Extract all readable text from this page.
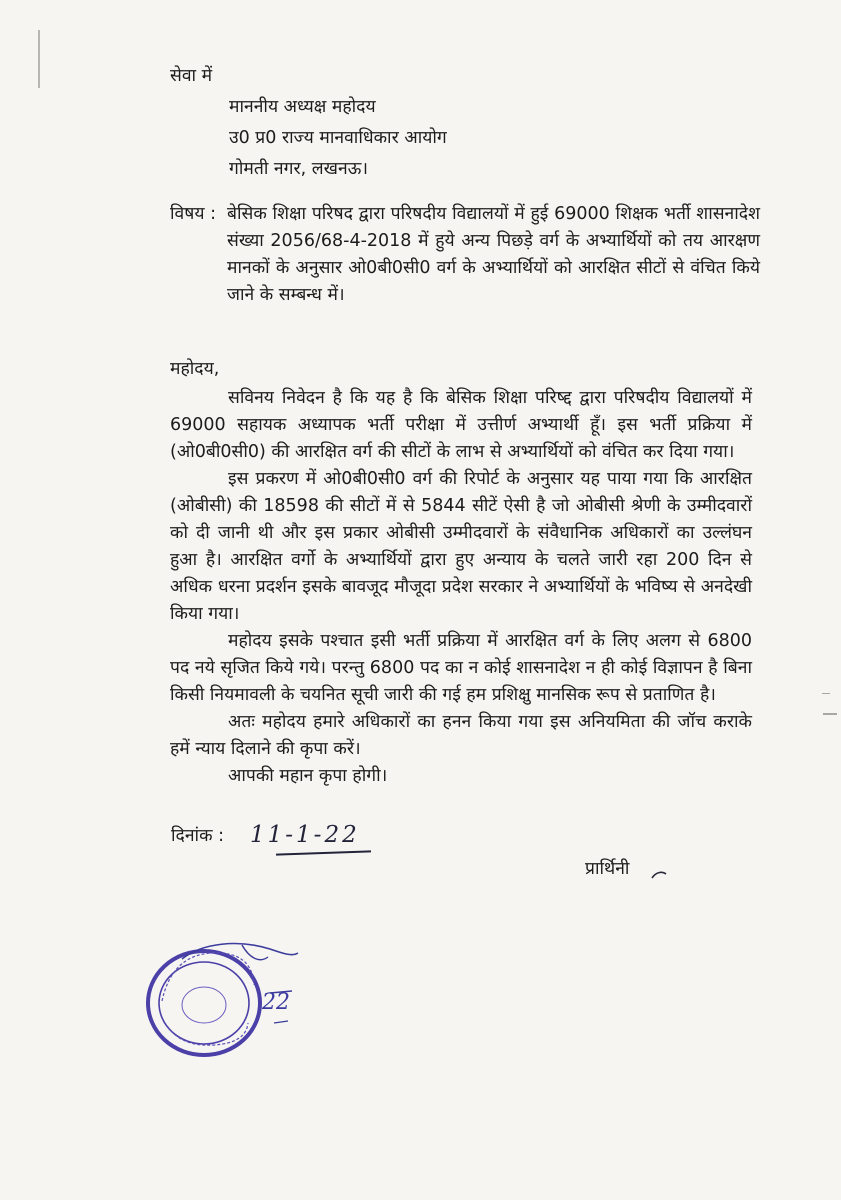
सेवा में
माननीय अध्यक्ष महोदय
उ0 प्र0 राज्य मानवाधिकार आयोग
गोमती नगर, लखनऊ।
विषय : बेसिक शिक्षा परिषद द्वारा परिषदीय विद्यालयों में हुई 69000 शिक्षक भर्ती शासनादेश संख्या 2056/68-4-2018 में हुये अन्य पिछड़े वर्ग के अभ्यार्थियों को तय आरक्षण मानकों के अनुसार ओ0बी0सी0 वर्ग के अभ्यार्थियों को आरक्षित सीटों से वंचित किये जाने के सम्बन्ध में।

महोदय,

सविनय निवेदन है कि यह है कि बेसिक शिक्षा परिष्द्द द्वारा परिषदीय विद्यालयों में 69000 सहायक अध्यापक भर्ती परीक्षा में उत्तीर्ण अभ्यार्थी हूँ। इस भर्ती प्रक्रिया में (ओ0बी0सी0) की आरक्षित वर्ग की सीटों के लाभ से अभ्यार्थियों को वंचित कर दिया गया।

इस प्रकरण में ओ0बी0सी0 वर्ग की रिपोर्ट के अनुसार यह पाया गया कि आरक्षित (ओबीसी) की 18598 की सीटों में से 5844 सीटें ऐसी है जो ओबीसी श्रेणी के उम्मीदवारों को दी जानी थी और इस प्रकार ओबीसी उम्मीदवारों के संवैधानिक अधिकारों का उल्लंघन हुआ है। आरक्षित वर्गो के अभ्यार्थियों द्वारा हुए अन्याय के चलते जारी रहा 200 दिन से अधिक धरना प्रदर्शन इसके बावजूद मौजूदा प्रदेश सरकार ने अभ्यार्थियों के भविष्य से अनदेखी किया गया।

महोदय इसके पश्चात इसी भर्ती प्रक्रिया में आरक्षित वर्ग के लिए अलग से 6800 पद नये सृजित किये गये। परन्तु 6800 पद का न कोई शासनादेश न ही कोई विज्ञापन है बिना किसी नियमावली के चयनित सूची जारी की गई हम प्रशिक्षु मानसिक रूप से प्रताणित है।

अतः महोदय हमारे अधिकारों का हनन किया गया इस अनियमिता की जॉच कराके हमें न्याय दिलाने की कृपा करें।

आपकी महान कृपा होगी।

दिनांक : 11-1-22
प्रार्थिनी
22
